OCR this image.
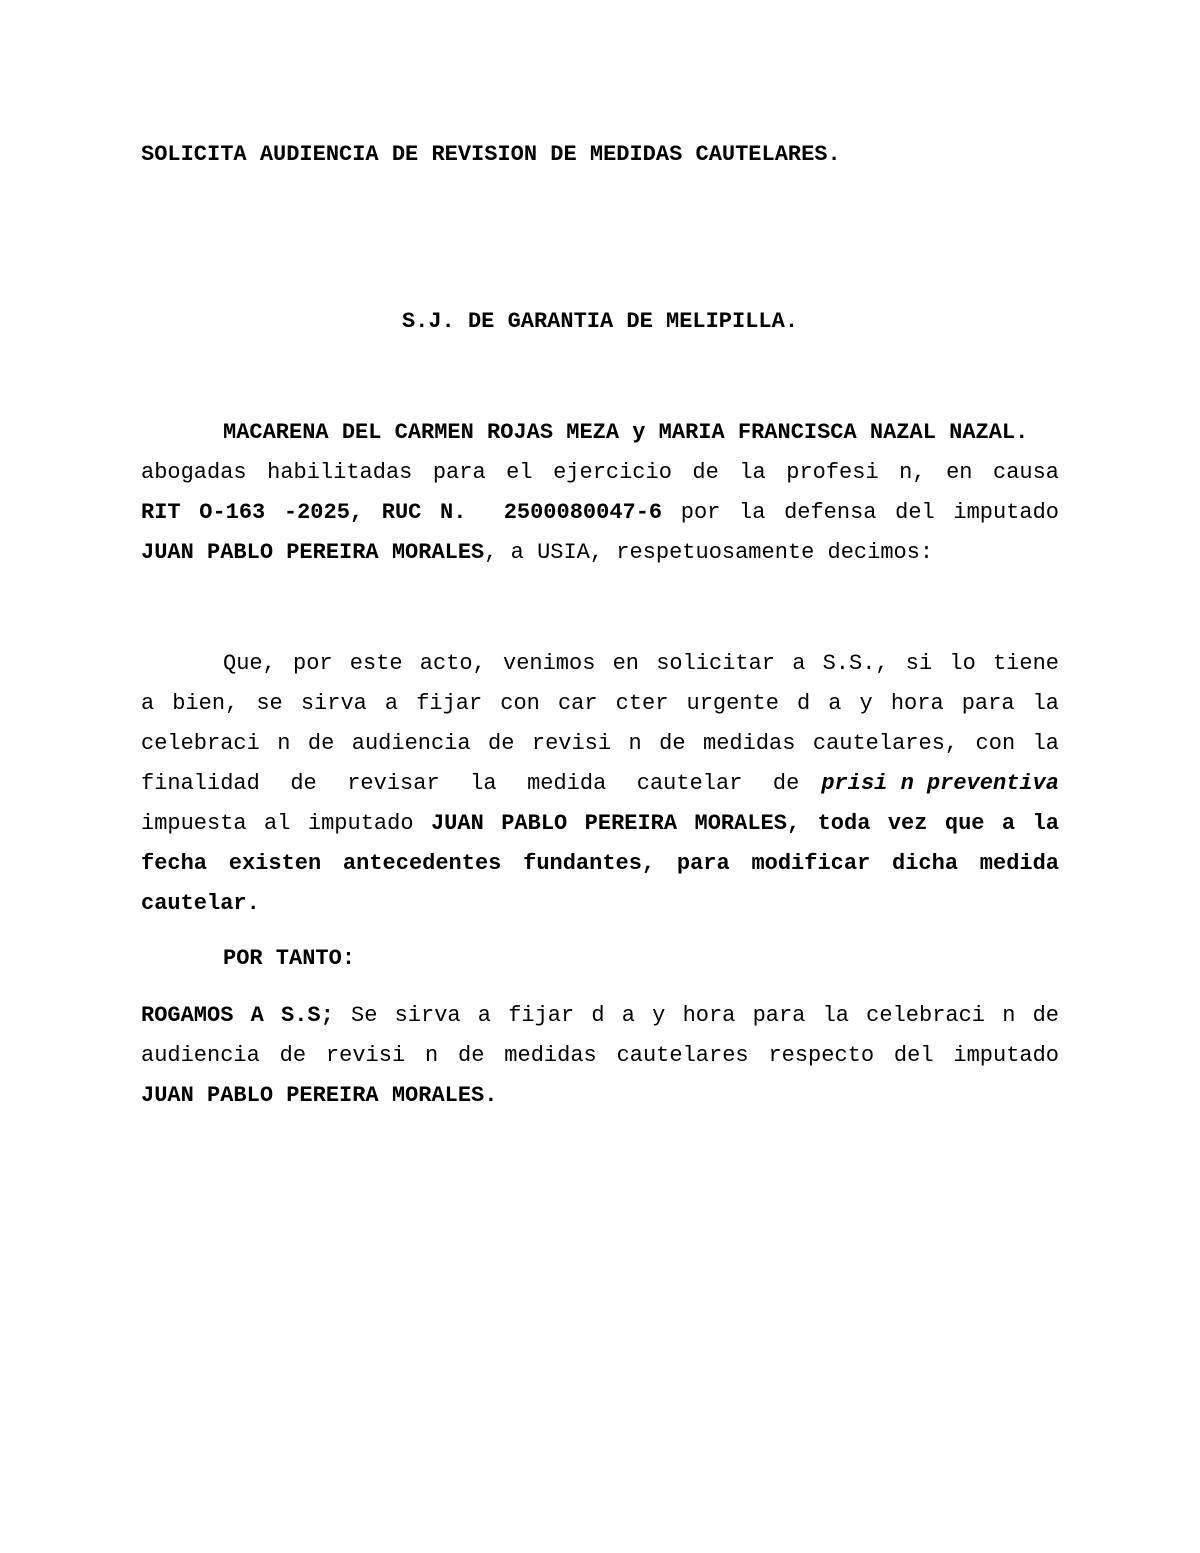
SOLICITA AUDIENCIA DE REVISION DE MEDIDAS CAUTELARES.
S.J. DE GARANTIA DE MELIPILLA.
MACARENA DEL CARMEN ROJAS MEZA y MARIA FRANCISCA NAZAL NAZAL.
abogadas habilitadas para el ejercicio de la profesi n, en causa
RIT O-163 -2025, RUC N.  2500080047-6 por la defensa del imputado
JUAN PABLO PEREIRA MORALES, a USIA, respetuosamente decimos:
Que, por este acto, venimos en solicitar a S.S., si lo tiene
a bien, se sirva a fijar con car cter urgente d a y hora para la
celebraci n de audiencia de revisi n de medidas cautelares, con la
finalidad de revisar la medida cautelar de prisi n preventiva
impuesta al imputado JUAN PABLO PEREIRA MORALES, toda vez que a la
fecha existen antecedentes fundantes, para modificar dicha medida
cautelar.
POR TANTO:
ROGAMOS A S.S; Se sirva a fijar d a y hora para la celebraci n de
audiencia de revisi n de medidas cautelares respecto del imputado
JUAN PABLO PEREIRA MORALES.
